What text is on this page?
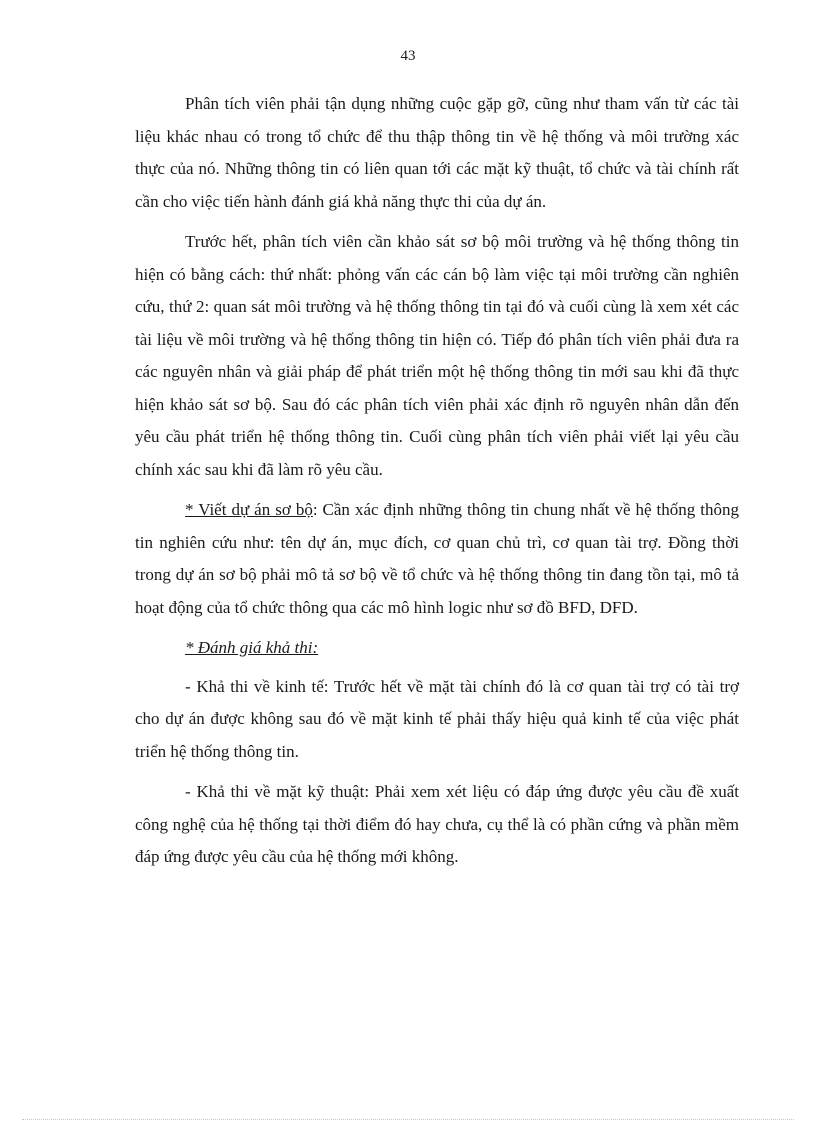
43

Phân tích viên phải tận dụng những cuộc gặp gỡ, cũng như tham vấn từ các tài liệu khác nhau có trong tổ chức để thu thập thông tin về hệ thống và môi trường xác thực của nó. Những thông tin có liên quan tới các mặt kỹ thuật, tổ chức và tài chính rất cần cho việc tiến hành đánh giá khả năng thực thi của dự án.

Trước hết, phân tích viên cần khảo sát sơ bộ môi trường và hệ thống thông tin hiện có bằng cách: thứ nhất: phỏng vấn các cán bộ làm việc tại môi trường cần nghiên cứu, thứ 2: quan sát môi trường và hệ thống thông tin tại đó và cuối cùng là xem xét các tài liệu về môi trường và hệ thống thông tin hiện có. Tiếp đó phân tích viên phải đưa ra các nguyên nhân và giải pháp để phát triển một hệ thống thông tin mới sau khi đã thực hiện khảo sát sơ bộ. Sau đó các phân tích viên phải xác định rõ nguyên nhân dẫn đến yêu cầu phát triển hệ thống thông tin. Cuối cùng phân tích viên phải viết lại yêu cầu chính xác sau khi đã làm rõ yêu cầu.

* Viết dự án sơ bộ: Cần xác định những thông tin chung nhất về hệ thống thông tin nghiên cứu như: tên dự án, mục đích, cơ quan chủ trì, cơ quan tài trợ. Đồng thời trong dự án sơ bộ phải mô tả sơ bộ về tổ chức và hệ thống thông tin đang tồn tại, mô tả hoạt động của tổ chức thông qua các mô hình logic như sơ đồ BFD, DFD.

* Đánh giá khả thi:

- Khả thi về kinh tế: Trước hết về mặt tài chính đó là cơ quan tài trợ có tài trợ cho dự án được không sau đó về mặt kinh tế phải thấy hiệu quả kinh tế của việc phát triển hệ thống thông tin.

- Khả thi về mặt kỹ thuật: Phải xem xét liệu có đáp ứng được yêu cầu đề xuất công nghệ của hệ thống tại thời điểm đó hay chưa, cụ thể là có phần cứng và phần mềm đáp ứng được yêu cầu của hệ thống mới không.
